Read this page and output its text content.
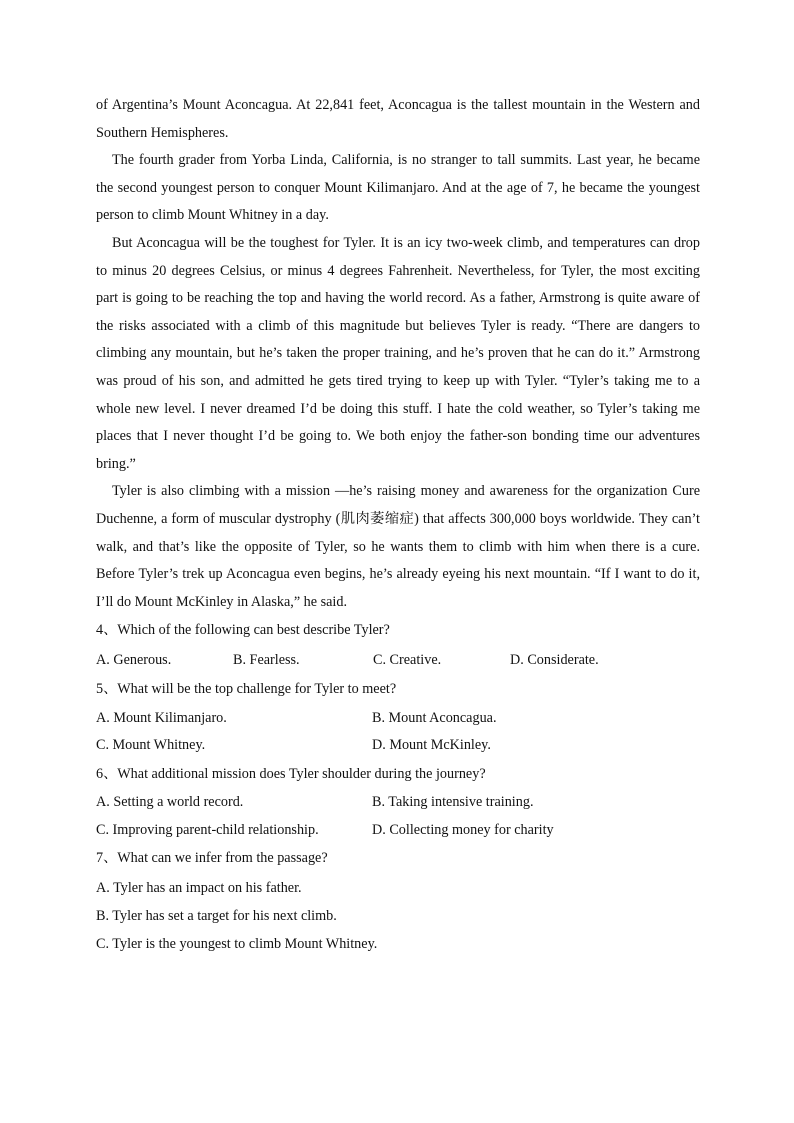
of Argentina’s Mount Aconcagua. At 22,841 feet, Aconcagua is the tallest mountain in the Western and Southern Hemispheres.

The fourth grader from Yorba Linda, California, is no stranger to tall summits. Last year, he became the second youngest person to conquer Mount Kilimanjaro. And at the age of 7, he became the youngest person to climb Mount Whitney in a day.

But Aconcagua will be the toughest for Tyler. It is an icy two-week climb, and temperatures can drop to minus 20 degrees Celsius, or minus 4 degrees Fahrenheit. Nevertheless, for Tyler, the most exciting part is going to be reaching the top and having the world record. As a father, Armstrong is quite aware of the risks associated with a climb of this magnitude but believes Tyler is ready. “There are dangers to climbing any mountain, but he’s taken the proper training, and he’s proven that he can do it.” Armstrong was proud of his son, and admitted he gets tired trying to keep up with Tyler. “Tyler’s taking me to a whole new level. I never dreamed I’d be doing this stuff. I hate the cold weather, so Tyler’s taking me places that I never thought I’d be going to. We both enjoy the father-son bonding time our adventures bring.”

Tyler is also climbing with a mission —he’s raising money and awareness for the organization Cure Duchenne, a form of muscular dystrophy (肌肉萎缩症) that affects 300,000 boys worldwide. They can’t walk, and that’s like the opposite of Tyler, so he wants them to climb with him when there is a cure. Before Tyler’s trek up Aconcagua even begins, he’s already eyeing his next mountain. “If I want to do it, I’ll do Mount McKinley in Alaska,” he said.

4、Which of the following can best describe Tyler?

A. Generous.	B. Fearless.	C. Creative.	D. Considerate.

5、What will be the top challenge for Tyler to meet?

A. Mount Kilimanjaro.	B. Mount Aconcagua.
C. Mount Whitney.	D. Mount McKinley.

6、What additional mission does Tyler shoulder during the journey?

A. Setting a world record.	B. Taking intensive training.
C. Improving parent-child relationship.	D. Collecting money for charity

7、What can we infer from the passage?

A. Tyler has an impact on his father.

B. Tyler has set a target for his next climb.

C. Tyler is the youngest to climb Mount Whitney.
